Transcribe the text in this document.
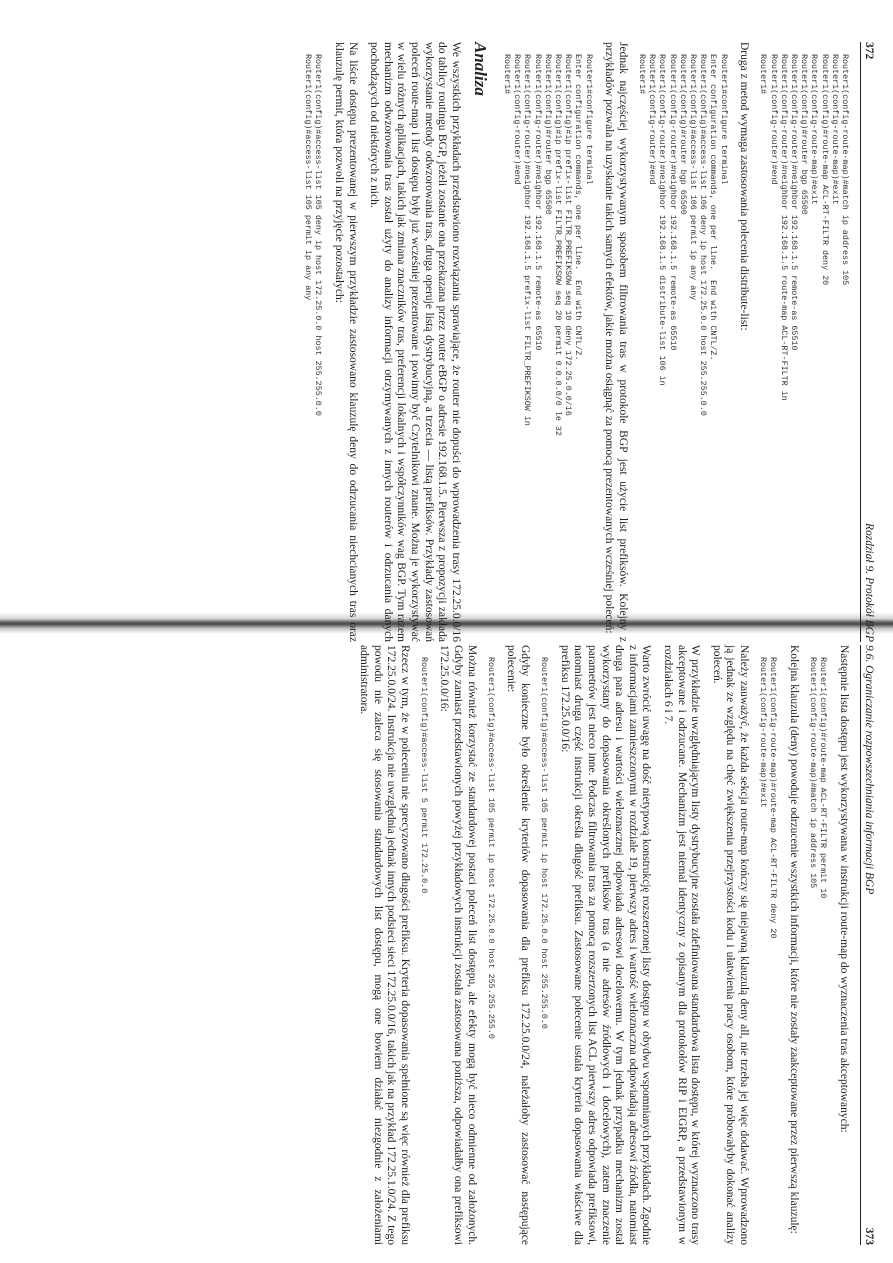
372
Rozdział 9. Protokół BGP
Router1(config-route-map)#match ip address 105
Router1(config-route-map)#exit
Router1(config)#route-map ACL-RT-FILTR deny 20
Router1(config-route-map)#exit
Router1(config)#router bgp 65500
Router1(config-router)#neighbor 192.168.1.5 remote-as 65510
Router1(config-router)#neighbor 192.168.1.5 route-map ACL-RT-FILTR in
Router1(config-router)#end
Router1#

Druga z metod wymaga zastosowania polecenia distribute-list:

Router1#configure terminal
Enter configuration commands, one per line.  End with CNTL/Z.
Router1(config)#access-list 106 deny ip host 172.25.0.0 host 255.255.0.0
Router1(config)#access-list 106 permit ip any any
Router1(config)#router bgp 65500
Router1(config-router)#neighbor 192.168.1.5 remote-as 65510
Router1(config-router)#neighbor 192.168.1.5 distribute-list 106 in
Router1(config-router)#end
Router1#

Jednak najczęściej wykorzystywanym sposobem filtrowania tras w protokole BGP jest użycie list prefiksów. Kolejny z przykładów pozwala na uzyskanie takich samych efektów, jakie można osiągnąć za pomocą prezentowanych wcześniej poleceń:

Router1#configure terminal
Enter configuration commands, one per line.  End with CNTL/Z.
Router1(config)#ip prefix-list FILTR_PREFIKSOW seq 10 deny 172.25.0.0/16
Router1(config)#ip prefix-list FILTR_PREFIKSOW seq 20 permit 0.0.0.0/0 le 32
Router1(config)#router bgp 65500
Router1(config-router)#neighbor 192.168.1.5 remote-as 65510
Router1(config-router)#neighbor 192.168.1.5 prefix-list FILTR_PREFIKSOW in
Router1(config-router)#end
Router1#
Analiza

We wszystkich przykładach przedstawiono rozwiązania sprawiające, że router nie dopuści do wprowadzenia trasy 172.25.0.0/16 do tablicy routingu BGP, jeżeli zostanie ona przekazana przez router eBGP o adresie 192.168.1.5. Pierwsza z propozycji zakłada wykorzystanie metody odwzorowania tras, druga operuje listą dystrybucyjną, a trzecia — listą prefiksów. Przykłady zastosowań poleceń route-map i list dostępu były już wcześniej prezentowane i powinny być Czytelnikowi znane. Można je wykorzystywać w wielu różnych aplikacjach, takich jak zmiana znaczników tras, preferencji lokalnych i współczynników wag BGP. Tym razem mechanizm odwzorowania tras został użyty do analizy informacji otrzymywanych z innych routerów i odrzucania danych pochodzących od niektórych z nich.

Na liście dostępu prezentowanej w pierwszym przykładzie zastosowano klauzulę deny do odrzucania niechcianych tras oraz klauzulę permit, która pozwoli na przyjęcie pozostałych:

Router1(config)#access-list 105 deny ip host 172.25.0.0 host 255.255.0.0
Router1(config)#access-list 105 permit ip any any
9.6. Ograniczanie rozpowszechniania informacji BGP
373

Następnie lista dostępu jest wykorzystywana w instrukcji route-map do wyznaczenia tras akceptowanych:

Router1(config)#route-map ACL-RT-FILTR permit 10
Router1(config-route-map)#match ip address 105

Kolejna klauzula (deny) powoduje odrzucenie wszystkich informacji, które nie zostały zaakceptowane przez pierwszą klauzulę:

Router1(config-route-map)#route-map ACL-RT-FILTR deny 20
Router1(config-route-map)#exit

Należy zauważyć, że każda sekcja route-map kończy się niejawną klauzulą deny all, nie trzeba jej więc dodawać. Wprowadzono ją jednak ze względu na chęć zwiększenia przejrzystości kodu i ułatwienia pracy osobom, które próbowałyby dokonać analizy poleceń.

W przykładzie uwzględniającym listy dystrybucyjne została zdefiniowana standardowa lista dostępu, w której wyznaczono trasy akceptowane i odrzucane. Mechanizm jest niemal identyczny z opisanym dla protokołów RIP i EIGRP, a przedstawionym w rozdziałach 6 i 7.

Warto zwrócić uwagę na dość nietypową konstrukcję rozszerzonej listy dostępu w obydwu wspomnianych przykładach. Zgodnie z informacjami zamieszczonymi w rozdziale 19, pierwszy adres i wartość wieloznaczna odpowiadają adresowi źródła, natomiast druga para adresu i wartości wieloznacznej odpowiada adresowi docelowemu. W tym jednak przypadku mechanizm został wykorzystany do dopasowania określonych prefiksów tras (a nie adresów źródłowych i docelowych), zatem znaczenie parametrów jest nieco inne. Podczas filtrowania tras za pomocą rozszerzonych list ACL pierwszy adres odpowiada prefiksowi, natomiast druga część instrukcji określa długość prefiksu. Zastosowane polecenie ustala kryteria dopasowania właściwe dla prefiksu 172.25.0.0/16:

Router1(config)#access-list 105 permit ip host 172.25.0.0 host 255.255.0.0

Gdyby konieczne było określenie kryteriów dopasowania dla prefiksu 172.25.0.0/24, należałoby zastosować następujące polecenie:

Router1(config)#access-list 105 permit ip host 172.25.0.0 host 255.255.255.0

Można również korzystać ze standardowej postaci poleceń list dostępu, ale efekty mogą być nieco odmienne od założonych. Gdyby zamiast przedstawionych powyżej przykładowych instrukcji została zastosowana poniższa, odpowiadałby ona prefiksowi 172.25.0.0/16:

Router1(config)#access-list 5 permit 172.25.0.0

Rzecz w tym, że w poleceniu nie sprecyzowano długości prefiksu. Kryteria dopasowania spełnione są więc również dla prefiksu 172.25.0.0/24. Instrukcja nie uwzględnia jednak innych podsieci sieci 172.25.0.0/16, takich jak na przykład 172.25.1.0/24. Z tego powodu nie zaleca się stosowania standardowych list dostępu, mogą one bowiem działać niezgodnie z założeniami administratora.
